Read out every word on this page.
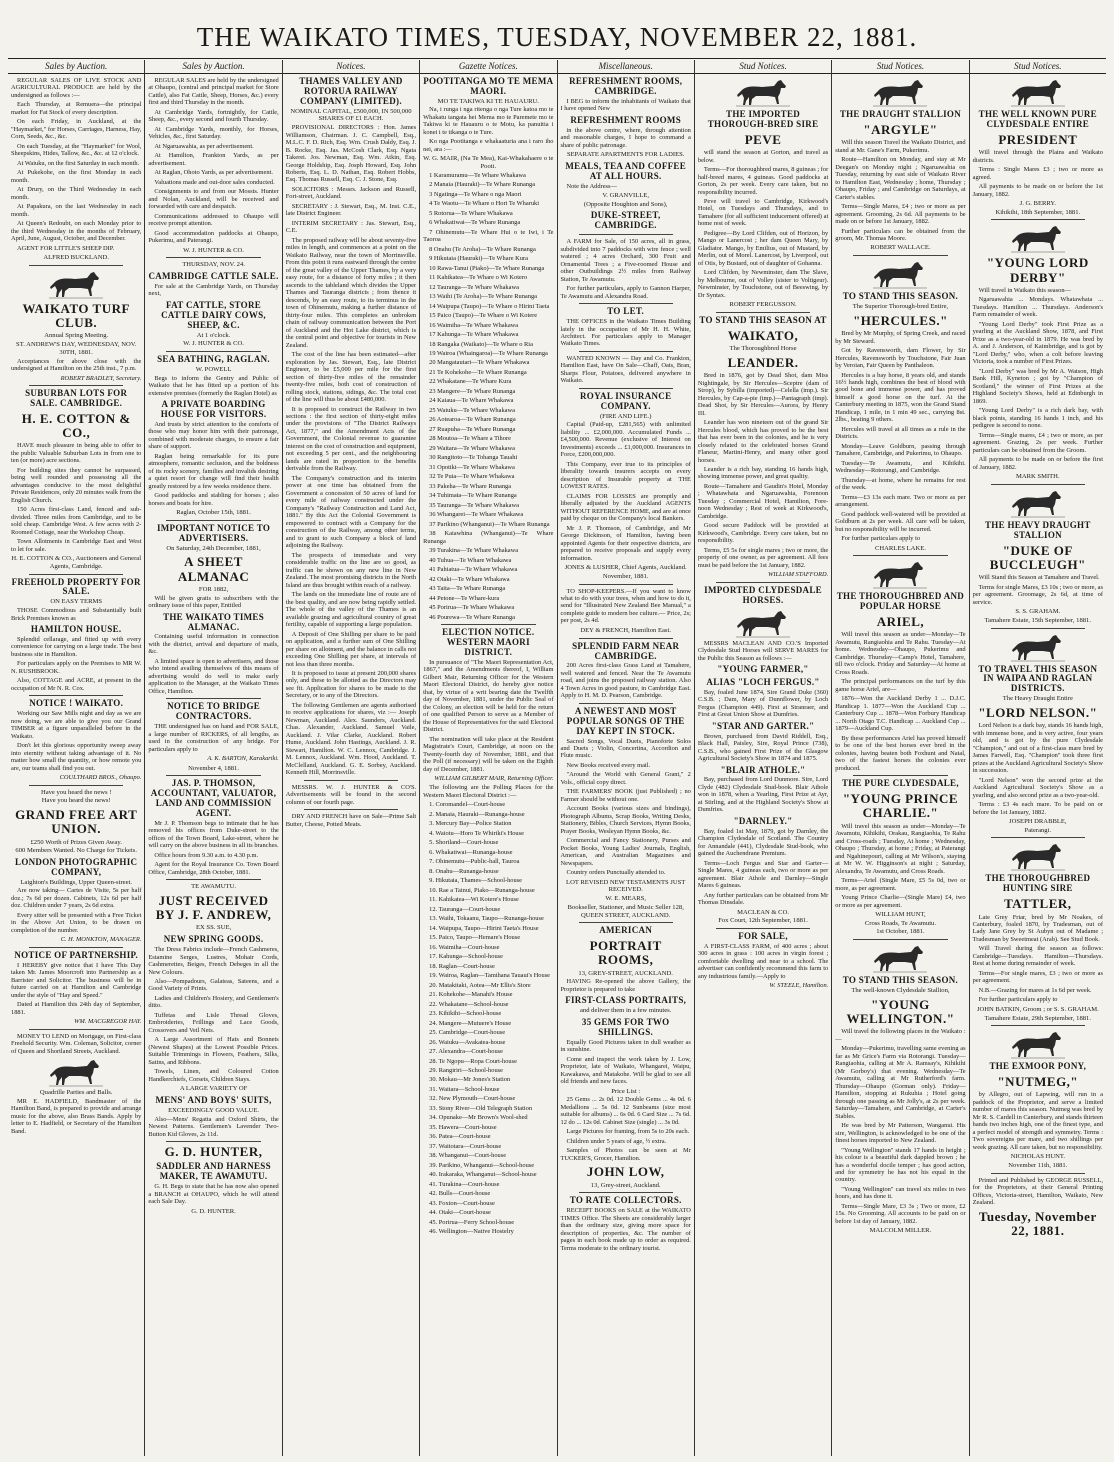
THE WAIKATO TIMES, TUESDAY, NOVEMBER 22, 1881.
Sales by Auction.
REGULAR SALES OF LIVE STOCK AND AGRICULTURAL PRODUCE are held by the undersigned as follows :—
Each Thursday, at Remuera—the principal market for Fat Stock of every description.
On each Friday, in Auckland, at the "Haymarket," for Horses, Carriages, Harness, Hay, Corn, Seeds, &c., &c.
On each Tuesday, at the "Haymarket" for Wool, Sheepskins, Hides, Tallow, &c., &c. at 12 o'clock.
At Waiuku, on the first Saturday in each month.
At Pukekohe, on the first Monday in each month.
At Drury, on the Third Wednesday in each month.
At Papakura, on the last Wednesday in each month.
At Queen's Redoubt, on each Monday prior to the third Wednesday in the months of February, April, June, August, October, and December.
AGENT FOR LITTLE'S SHEEP DIP.
ALFRED BUCKLAND.
WAIKATO TURF CLUB.
Annual Spring Meeting.
ST. ANDREW'S DAY, WEDNESDAY, NOV. 30TH, 1881.
Acceptances for above close with the undersigned at Hamilton on the 25th inst., 7 p.m.
ROBERT BRADLEY, Secretary.
SUBURBAN LOTS FOR SALE. CAMBRIDGE.
H. E. COTTON & CO.,
HAVE much pleasure in being able to offer to the public Valuable Suburban Lots in from one to ten (or more) acre sections.
For building sites they cannot be surpassed, being well rounded and possessing all the advantages conducive to the most delightful Private Residences, only 20 minutes walk from the English Church.
150 Acres first-class Land, fenced and sub-divided. Three miles from Cambridge, and to be sold cheap. Cambridge West. A few acres with 2-Roomed Cottage, near the Workshop Cheap.
Town Allotments in Cambridge East and West to let for sale.
H. E. COTTON & CO., Auctioneers and General Agents, Cambridge.
FREEHOLD PROPERTY FOR SALE.
ON EASY TERMS
THOSE Commodious and Substantially built Brick Premises known as
HAMILTON HOUSE.
Splendid cellarage, and fitted up with every convenience for carrying on a large trade. The best business site in Hamilton.
For particulars apply on the Premises to MR W. N. RUSHBROOK.
Also, COTTAGE and ACRE, at present in the occupation of Mr N. R. Cox.
NOTICE ! WAIKATO.
Working our Saw Mills night and day as we are now doing, we are able to give you our Grand TIMBER at a figure unparalleled before in the Waikato.
Don't let this glorious opportunity sweep away into eternity without taking advantage of it. No matter how small the quantity, or how remote you are, our teams shall find you out.
COULTHARD BROS., Ohaupo.
Have you heard the news !
Have you heard the news!
GRAND FREE ART UNION.
£250 Worth of Prizes Given Away.
600 Members Wanted. No Charge for Tickets.
LONDON PHOTOGRAPHIC COMPANY,
Laighton's Buildings, Upper Queen-street.
Are now taking— Cartes de Visite, 5s per half doz.; 7s 6d per dozen. Cabinets, 12s 6d per half doz. Children under 7 years, 2s 6d extra.
Every sitter will be presented with a Free Ticket in the Above Art Union, to be drawn on completion of the number.
C. H. MONKTON, MANAGER.
NOTICE OF PARTNERSHIP.
I HEREBY give notice that I have This Day taken Mr. James Moorcroft into Partnership as a Barrister and Solicitor. The business will be in future carried on at Hamilton and Cambridge under the style of "Hay and Speed."
Dated at Hamilton this 24th day of September, 1881.
WM. MACGREGOR HAY.
MONEY TO LEND on Mortgage, on First-class Freehold Security. Wm. Coleman, Solicitor, corner of Queen and Shortland Streets, Auckland.
Quadrille Parties and Balls.
MR E. HADFIELD, Bandmaster of the Hamilton Band, is prepared to provide and arrange music for the above, also Brass Bands. Apply by letter to E. Hadfield, or Secretary of the Hamilton Band.
Sales by Auction.
REGULAR SALES are held by the undersigned at Ohaupo, (central and principal market for Store Cattle), also Fat Cattle, Sheep, Horses, &c.) every first and third Thursday in the month.
At Cambridge Yards, fortnightly, for Cattle, Sheep, &c., every second and fourth Thursday.
At Cambridge Yards, monthly, for Horses, Vehicles, &c., first Saturday.
At Ngaruawahia, as per advertisement.
At Hamilton, Frankton Yards, as per advertisement.
At Raglan, Ohoto Yards, as per advertisement.
Valuations made and out-door sales conducted.
Consignments to and from our Mossts. Hunter and Nolan, Auckland, will be received and forwarded with care and despatch.
Communications addressed to Ohaupo will receive prompt attention.
Good accommodation paddocks at Ohaupo, Pukerimu, and Paterangi.
W. J. HUNTER & CO.
THURSDAY, NOV. 24.
CAMBRIDGE CATTLE SALE.
For sale at the Cambridge Yards, on Thursday next,
FAT CATTLE, STORE CATTLE DAIRY COWS, SHEEP, &C.
At 1 o'clock.
W. J. HUNTER & CO.
SEA BATHING, RAGLAN.
W. POWELL
Begs to inform the Gentry and Public of Waikato that he has fitted up a portion of his extensive premises (formerly the Raglan Hotel) as
A PRIVATE BOARDING HOUSE FOR VISITORS.
And trusts by strict attention to the comforts of those who may honor him with their patronage, combined with moderate charges, to ensure a fair share of support.
Raglan being remarkable for its pure atmosphere, romantic seclusion, and the boldness of its rocky scenery, families and invalids desiring a quiet resort for change will find their health greatly restored by a few weeks residence there.
Good paddocks and stabling for horses ; also horses and boats for hire.
Raglan, October 15th, 1881.
IMPORTANT NOTICE TO ADVERTISERS.
On Saturday, 24th December, 1881,
A SHEET ALMANAC
FOR 1882,
Will be given gratis to subscribers with the ordinary issue of this paper, Entitled
THE WAIKATO TIMES ALMANAC.
Containing useful information in connection with the district, arrival and departure of mails, &c.
A limited space is open to advertisers, and those who intend availing themselves of this means of advertising would do well to make early application to the Manager, at the Waikato Times Office, Hamilton.
NOTICE TO BRIDGE CONTRACTORS.
THE undersigned has on hand and FOR SALE, a large number of RICKERS, of all lengths, as used in the construction of any bridge. For particulars apply to
A. K. BARTON, Karakariki.
November 4, 1881.
JAS. P. THOMSON, ACCOUNTANT, VALUATOR, LAND AND COMMISSION AGENT.
Mr J. P. Thomson begs to intimate that he has removed his offices from Duke-street to the offices of the Town Board, Lake-street, where he will carry on the above business in all its branches.
Office hours from 9.30 a.m. to 4.30 p.m.
Agent for the Royal Insurance Co. Town Board Office, Cambridge, 28th October, 1881.
TE AWAMUTU.
JUST RECEIVED BY J. F. ANDREW,
EX SS. SUE,
NEW SPRING GOODS.
The Dress Fabrics include—French Cashmeres, Estamine Serges, Lustres, Mohair Cords, Cashmerettes, Beiges, French Debeges in all the New Colours.
Also—Pompadours, Galateas, Sateens, and a Good Variety of Prints.
Ladies and Children's Hosiery, and Gentlemen's ditto.
Tuffetas and Lisle Thread Gloves, Embroideries, Frillings and Lace Goods, Crossovers and Veil Nets.
A Large Assortment of Hats and Bonnets (Newest Shapes) at the Lowest Possible Prices. Suitable Trimmings in Flowers, Feathers, Silks, Satins, and Ribbons.
Towels, Linen, and Coloured Cotton Handkerchiefs, Corsets, Children Stays.
A LARGE VARIETY OF
MENS' AND BOYS' SUITS,
EXCEEDINGLY GOOD VALUE.
Also—Mens' Regatta and Oxford Shirts, the Newest Patterns. Gentlemen's Lavender Two-Button Kid Gloves, 2s 11d.
G. D. HUNTER,
SADDLER AND HARNESS MAKER, TE AWAMUTU.
G. H. Begs to state that he has now also opened a BRANCH at OHAUPO, which he will attend each Sale Day.
G. D. HUNTER.
Notices.
THAMES VALLEY AND ROTORUA RAILWAY COMPANY (LIMITED).
NOMINAL CAPITAL, £500,000, IN 500,000 SHARES OF £1 EACH.
PROVISIONAL DIRECTORS : Hon. James Williamson, Chairman. J. C. Campbell, Esq., M.L.C. F. D. Rich, Esq. Wm. Crush Daldy, Esq. J. B. Rocke, Esq. Jas. McCosh Clark, Esq. Ngata Takerei. Jos. Newman, Esq. Wm. Atkin, Esq. George Holdship, Esq. Josph Howard, Esq. John Roberts, Esq. L. D. Nathan, Esq. Robert Hobbs, Esq. Thomas Russell, Esq. C. J. Stone, Esq.
SOLICITORS : Messrs. Jackson and Russell, Fort-street, Auckland.
SECRETARY : J. Stewart, Esq., M. Inst. C.E., late District Engineer.
INTERIM SECRETARY : Jas. Stewart, Esq., C.E.
The proposed railway will be about seventy-five miles in length, and commences at a point on the Waikato Railway, near the town of Morrinsville. From this point it runs eastward through the centre of the great valley of the Upper Thames, by a very easy route, for a distance of forty miles ; it then ascends to the tableland which divides the Upper Thames and Tauranga districts ; from thence it descends, by an easy route, to its terminus in the town of Ohinemutu, making a further distance of thirty-four miles. This completes an unbroken chain of railway communication between the Port of Auckland and the Hot Lake district, which is the central point and objective for tourists in New Zealand.
The cost of the line has been estimated—after exploration by Jas. Stewart, Esq., late District Engineer, to be £5,000 per mile for the first section of thirty-five miles of the remainder twenty-five miles, both cost of construction of rolling stock, stations, sidings, &c. The total cost of the line will thus be about £480,000.
It is proposed to construct the Railway in two sections : the first section of thirty-eight miles under the provisions of "The District Railways Act, 1877," and the Amendment Acts of the Government, the Colonial revenue to guarantee interest on the cost of construction and equipment, not exceeding 5 per cent., and the neighbouring lands are rated in proportion to the benefits derivable from the Railway.
The Company's construction and its interim power at one time has obtained from the Government a concession of 50 acres of land for every mile of railway constructed under the Company's "Railway Construction and Land Act, 1881." By this Act the Colonial Government is empowered to contract with a Company for the construction of the Railway, among other terms, and to grant to such Company a block of land adjoining the Railway.
The prospects of immediate and very considerable traffic on the line are so good, as traffic can be shown on any new line in New Zealand. The most promising districts in the North Island are thus brought within reach of a railway.
The lands on the immediate line of route are of the best quality, and are now being rapidly settled. The whole of the valley of the Thames is an available grazing and agricultural country of great fertility, capable of supporting a large population.
A Deposit of One Shilling per share to be paid on application, and a further sum of One Shilling per share on allotment, and the balance in calls not exceeding One Shilling per share, at intervals of not less than three months.
It is proposed to issue at present 200,000 shares only, and these to be allotted as the Directors may see fit. Application for shares to be made to the Secretary, or to any of the Directors.
The following Gentlemen are agents authorised to receive applications for shares, viz :— Joseph Newman, Auckland. Alex. Saunders, Auckland. Chas. Alexander, Auckland. Samuel Vaile, Auckland. J. Vilar Clarke, Auckland. Robert Hume, Auckland. John Hastings, Auckland. J. R. Stewart, Hamilton. W. C. Lennox, Cambridge. J. M. Lennox, Auckland. Wm. Hood, Auckland. T. McClelland, Auckland. G. E. Sorbey, Auckland. Kenneth Hill, Morrinsville.
MESSRS. W. J. HUNTER & CO'S. Advertisements will be found in the second column of our fourth page.
DRY AND FRENCH have on Sale—Prime Salt Butter, Cheese, Potted Meats.
Gazette Notices.
POOTITANGA MO TE MEMA MAORI.
MO TE TAKIWA KI TE HAUAURU.
Na, i runga i nga ritenga o nga Ture katoa mo te Whakatu tangata hei Mema mo te Paremete mo te Takiwa ki te Hauauru o te Motu, ka panuitia i konei i te tikanga o te Ture.
Ko nga Pootitanga e whakaaturia ana i raro iho nei, ara :—
W. G. MAIR, (Na Te Mea), Kai-Whakahaere o te Pooti.
1 Karamuramu—Te Whare Whakawa
2 Manaia (Hauraki)—Te Whare Runanga
3 Ngatinga—Te Whare o nga Maori
4 Te Waotu—Te Whare o Hori Te Wharuki
5 Rotorua—Te Whare Whakawa
6 Whakatiwai—Te Whare Runanga
7 Ohinemutu—Te Whare Hui o te Iwi, i Te Taoroa
8 Onahu (Te Aroha)—Te Whare Runanga
9 Hikutaia (Hauraki)—Te Whare Kura
10 Rawa-Tanui (Piako)—Te Whare Runanga
11 Kahikatea—Te Whare o Wi Kotero
12 Tauranga—Te Whare Whakawa
13 Waihi (Te Aroha)—Te Whare Runanga
14 Waipupa (Taupo)—Te Whare o Hirini Taeta
15 Paico (Taupo)—Te Whare o Wi Kotere
16 Waimiha—Te Whare Whakawa
17 Kahunga—Te Whare Whakawa
18 Rangaka (Waikato)—Te Whare o Ria
19 Wairoa (Whaingaroa)—Te Whare Runanga
20 Mangatautari—Te Whare Whakawa
21 Te Kohekohe—Te Whare Runanga
22 Whakatane—Te Whare Kura
23 Mangere—Te Whare Runanga
24 Kaiaua—Te Whare Whakawa
25 Waiuku—Te Whare Whakawa
26 Aotearoa—Te Whare Runanga
27 Ruapuha—Te Whare Runanga
28 Moutoa—Te Whare a Tihore
29 Waitara—Te Whare Whakawa
30 Rangitoto—Te Tohanga Tauahi
31 Opotiki—Te Whare Whakawa
32 Te Puia—Te Whare Whakawa
33 Pakeha—Te Whare Runanga
34 Tuhimata—Te Whare Runanga
35 Tauranga—Te Whare Whakawa
36 Whangarei—Te Whare Whakawa
37 Parikino (Whanganui)—Te Whare Runanga
38 Kaiawhina (Whanganui)—Te Whare Runanga
39 Turakina—Te Whare Whakawa
40 Tuhua—Te Whare Whakawa
41 Pahiatua—Te Whare Whakawa
42 Otaki—Te Whare Whakawa
43 Taita—Te Whare Runanga
44 Petone—Te Whare-kura
45 Porirua—Te Whare Whakawa
46 Pourewa—Te Whare Runanga
ELECTION NOTICE. WESTERN MAORI DISTRICT.
In pursuance of "The Maori Representation Act, 1867," and the Amendments thereof, I, William Gilbert Mair, Returning Officer for the Western Maori Electoral District, do hereby give notice that, by virtue of a writ bearing date the Twelfth day of November, 1881, under the Public Seal of the Colony, an election will be held for the return of one qualified Person to serve as a Member of the House of Representatives for the said Electoral District.
The nomination will take place at the Resident Magistrate's Court, Cambridge, at noon on the Twenty-fourth day of November, 1881, and that the Poll (if necessary) will be taken on the Eighth day of December, 1881.
WILLIAM GILBERT MAIR, Returning Officer.
The following are the Polling Places for the Western Maori Electoral District :—
1. Coromandel—Court-house
2. Manaia, Hauraki—Runanga-house
3. Mercury Bay—Police Station
4. Waiotu—Horo Te Whiriki's House
5. Shortland—Court-house
6. Whakatiwai—Runanga-house
7. Ohinemutu—Public-hall, Tauroa
8. Onahu—Runanga-house
9. Hikutaia, Thames—School-house
10. Rae a Tainui, Piako—Runanga-house
11. Kahikatea—Wi Kotere's House
12. Tauranga—Court-house
13. Waihi, Tokaanu, Taupo—Runanga-house
14. Waipupa, Taupo—Hirini Taeta's House
15. Paico, Taupo—Hemare's House
16. Waimiha—Court-house
17. Kahunga—School-house
18. Raglan—Court-house
19. Wairoa, Raglan—Tamihana Tauaui's House
20. Matakitaki, Aotea—Mr Ellis's Store
21. Kohekohe—Manahi's House
22. Whakatane—School-house
23. Kihikihi—School-house
24. Mangere—Mutuere's House
25. Cambridge—Court-house
26. Waiuku—Avakatea-house
27. Alexandra—Court-house
28. Te Ngopu—Ropa Court-house
29. Rangiriri—School-house
30. Mokau—Mr Jones's Station
31. Waitara—School-house
32. New Plymouth—Court-house
33. Stony River—Old Telegraph Station
34. Opunake—Mr Brown's Wool-shed
35. Hawera—Court-house
36. Patea—Court-house
37. Waitotara—Court-house
38. Whanganui—Court-house
39. Parikino, Whanganui—School-house
40. Irakaraka, Whanganui—School-house
41. Turakina—Court-house
42. Bulls—Court-house
43. Foxton—Court-house
44. Otaki—Court-house
45. Porirua—Ferry School-house
46. Wellington—Native Hostelry
Miscellaneous.
REFRESHMENT ROOMS, CAMBRIDGE.
I BEG to inform the inhabitants of Waikato that I have opened New
REFRESHMENT ROOMS
in the above centre, where, through attention and reasonable charges, I hope to command a share of public patronage.
SEPARATE APARTMENTS FOR LADIES.
MEALS, TEA AND COFFEE AT ALL HOURS.
Note the Address—
V. GRANVILLE,
(Opposite Houghton and Sons),
DUKE-STREET, CAMBRIDGE.
A FARM for Sale, of 150 acres, all in grass, subdivided into 7 paddocks with wire fence ; well watered ; 4 acres Orchard, 300 Fruit and Ornamental Trees ; a Five-roomed House and other Outbuildings 2½ miles from Railway Station, Te Awamutu.
For further particulars, apply to Gannon Harper, Te Awamutu and Alexandra Road.
TO LET.
THE OFFICES in the Waikato Times Building lately in the occupation of Mr H. H. White, Architect. For particulars apply to Manager Waikato Times.
WANTED KNOWN — Day and Co. Frankton, Hamilton East, have On Sale—Chaff, Oats, Bran, Sharps Flour, Potatoes, delivered anywhere in Waikato.
ROYAL INSURANCE COMPANY.
(FIRE AND LIFE.)
Capital (Paid-up, £281,565) with unlimited liability ... £2,000,000. Accumulated Funds ... £4,500,000. Revenue (exclusive of Interest on Investments) exceeds ... £1,000,000. Insurances in Force, £200,000,000.
This Company, ever true to its principles of liberality towards insurers accepts on every description of Insurable property at THE LOWEST RATES.
CLAIMS FOR LOSSES are promptly and liberally adjusted by the Auckland AGENTS WITHOUT REFERENCE HOME, and are at once paid by cheque on the Company's local Bankers.
Mr J. P. Thomson, of Cambridge, and Mr George Dickinson, of Hamilton, having been appointed Agents for their respective districts, are prepared to receive proposals and supply every information.
JONES & LUSHER, Chief Agents, Auckland.
November, 1881.
TO SHOP-KEEPERS.—If you want to know what to do with your trees, when and how to do it, send for "Illustrated New Zealand Bee Manual," a complete guide to modern bee culture.— Price, 2s; per post, 2s 4d.
DEY & FRENCH, Hamilton East.
SPLENDID FARM NEAR CAMBRIDGE.
200 Acres first-class Grass Land at Tamahere, well watered and fenced. Near the Te Awamutu road, and joins the proposed railway station. Also 4 Town Acres in good pasture, in Cambridge East. Apply to H. M. D. Pearson, Cambridge.
A NEWEST AND MOST POPULAR SONGS OF THE DAY KEPT IN STOCK.
Sacred Songs, Vocal Duets, Pianoforte Solos and Duets ; Violin, Concertina, Accordion and Flute music.
New Books received every mail.
"Around the World with General Grant," 2 Vols., official copy direct.
THE FARMERS' BOOK (just Published) ; no Farmer should be without one.
Account Books (various sizes and bindings), Photograph Albums, Scrap Books, Writing Desks, Stationery, Bibles, Church Services, Hymn Books, Prayer Books, Wesleyan Hymn Books, &c.
Commercial and Fancy Stationery, Purses and Pocket Books, Young Ladies' Journals, English, American, and Australian Magazines and Newspapers.
Country orders Punctually attended to.
LOT REVISED NEW TESTAMENTS JUST RECEIVED.
W. E. MEARS,
Bookseller, Stationer, and Music Seller 128, QUEEN STREET, AUCKLAND.
AMERICAN
PORTRAIT ROOMS,
13, GREY-STREET, AUCKLAND.
HAVING Re-opened the above Gallery, the Proprietor is prepared to take
FIRST-CLASS PORTRAITS,
and deliver them in a few minutes.
35 GEMS FOR TWO SHILLINGS.
Equally Good Pictures taken in dull weather as in sunshine.
Come and inspect the work taken by J. Low, Proprietor, late of Waikato, Whangarei, Waipu, Kawakawa, and Matakohe. Will be glad to see all old friends and new faces.
Price List :
25 Gems ... 2s 0d. 12 Double Gems ... 4s 0d. 6 Medallions ... 5s 0d. 12 Sunbeams (size most suitable for albums) ... 6s 0d. 6 Card Size ... 7s 6d. 12 do ... 12s 0d. Cabinet Size (single) ... 3s 0d.
Large Pictures for framing, from 5s to 20s each.
Children under 5 years of age, ½ extra.
Samples of Photos can be seen at Mr TUCKER'S, Grocer, Hamilton.
JOHN LOW,
13, Grey-street, Auckland.
TO RATE COLLECTORS.
RECEIPT BOOKS on SALE at the WAIKATO TIMES Office. The Sheets are considerably larger than the ordinary size, giving more space for description of properties, &c. The number of pages in each book made up to order as required. Terms moderate to the ordinary tourist.
Stud Notices.
THE IMPORTED THOROUGH-BRED SIRE
PEVE
will stand the season at Gorton, and travel as below.
Terms—For thoroughbred mares, 8 guineas ; for half-breed mares, 4 guineas. Good paddocks at Gorton, 2s per week. Every care taken, but no responsibility incurred.
Peve will travel to Cambridge, Kirkwood's Hotel, on Tuesdays and Thursdays, and to Tamahere (for all sufficient inducement offered) at home rest of week.
Pedigree—By Lord Clifden, out of Horizon, by Mango or Lanercost ; her dam Queen Mary, by Gladiator. Mango, by Emilius, out of Mustard, by Merlin, out of Morel. Lanercost, by Liverpool, out of Otis, by Bustard, out of daughter of Gohanna.
Lord Clifden, by Newminster, dam The Slave, by Melbourne, out of Volley (sister to Voltigeur). Newminster, by Touchstone, out of Beeswing, by Dr Syntax.
ROBERT FERGUSSON.
TO STAND THIS SEASON AT
WAIKATO,
The Thoroughbred Horse
LEANDER.
Bred in 1876, got by Dead Shot, dam Miss Nightingale, by Sir Hercules—Sceptre (dam of Strop), by Sybilla (imported)—Celella (imp.). Sir Hercules, by Cap-a-pie (imp.)—Pantagraph (imp). Dead Shot, by Sir Hercules—Aurora, by Henry III.
Leander has won nineteen out of the grand Sir Hercules blood, which has proved to be the best that has ever been in the colonies, and he is very closely related to the celebrated horses Grand Flaneur, Martini-Henry, and many other good horses.
Leander is a rich bay, standing 16 hands high, showing immense power, and great quality.
Route—Tamahere and Gaudin's Hotel, Monday ; Whatawhata and Ngaruawahia, Forenoon Tuesday ; Commercial Hotel, Hamilton, Fore-noon Wednesday ; Rest of week at Kirkwood's, Cambridge.
Good secure Paddock will be provided at Kirkwood's, Cambridge. Every care taken, but no responsibility.
Terms, £5 5s for single mares ; two or more, the property of one owner, as per agreement. All fees must be paid before the 1st January, 1882.
WILLIAM STAFFORD.
IMPORTED CLYDESDALE HORSES.
MESSRS MACLEAN AND CO.'S Imported Clydesdale Stud Horses will SERVE MARES for the Public this Season as follows :—
"YOUNG FARMER,"
ALIAS "LOCH FERGUS."
Bay, foaled June 1874, Sire Grand Duke (360) C.S.B. ; Dam, Mary of Dunnflower, by Loch Fergus (Champion 449). First at Stranraer, and First at Great Union Show at Dumfries.
"STAR AND GARTER."
Brown, purchased from David Riddell, Esq., Black Hall, Paisley, Sire, Royal Prince (738), C.S.B., who gained First Prize of the Glasgow Agricultural Society's Show in 1874 and 1875.
"BLAIR ATHOLE."
Bay, purchased from Lord Dunmore. Sire, Lord Clyde (482) Clydesdale Stud-book. Blair Athole won in 1878, when a Yearling, First Prize at Ayr, at Stirling, and at the Highland Society's Show at Dumfries.
"DARNLEY."
Bay, foaled 1st May, 1879, got by Darnley, the Champion Clydesdale of Scotland. The Country for Annandale (441), Clydesdale Stud-book, who gained the Auchendrane Premium.
Terms—Loch Fergus and Star and Garter—Single Mares, 4 guineas each, two or more as per agreement. Blair Athole and Darnley—Single Mares 6 guineas.
Any further particulars can be obtained from Mr Thomas Dinsdale.
MACLEAN & CO.
Fox Court, 12th September, 1881.
FOR SALE,
A FIRST-CLASS FARM, of 400 acres ; about 300 acres in grass : 100 acres in virgin forest ; comfortable dwelling and near to a school. The advertiser can confidently recommend this farm to any industrious family.—Apply to
W. STEELE, Hamilton.
Stud Notices.
THE DRAUGHT STALLION
"ARGYLE"
Will this season Travel the Waikato District, and stand at Mr. Gane's Farm, Pukerimu.
Route—Hamilton on Monday, and stay at Mr Deegan's on Monday night ; Ngaruawahia on Tuesday, returning by east side of Waikato River to Hamilton East, Wednesday ; home, Thursday ; Ohaupo, Friday ; and Cambridge on Saturdays, at Carter's stables.
Terms—Single Mares, £4 ; two or more as per agreement. Grooming, 2s 6d. All payments to be made on or before 1st January, 1882.
Further particulars can be obtained from the groom, Mr. Thomas Moore.
ROBERT WALLACE.
TO STAND THIS SEASON.
The Superior Thorough-bred Entire,
"HERCULES."
Bred by Mr Murphy, of Spring Creek, and raced by Mr Steward.
Got by Ravensworth, dam Flower, by Sir Hercules, Ravensworth by Touchstone, Fair Juan by Veroian, Fair Queen by Panthaleon.
Hercules is a bay horse, 8 years old, and stands 16½ hands high, combines the best of blood with good bone and immense power, and has proved himself a good horse on the turf. At the Canterbury meeting in 1875, won the Grand Stand Handicap, 1 mile, in 1 min 49 sec., carrying 8st. 2lbs., beating 9 others.
Hercules will travel at all times as a rule in the Districts.
Monday—Leave Goldburn, passing through Tamahere, Cambridge, and Pukerimu, to Ohaupo.
Tuesday—Te Awamutu, and Kihikihi. Wednesday—Rotorangi, and Cambridge.
Thursday—at home, where he remains for rest of the week.
Terms—£3 13s each mare. Two or more as per arrangement.
Good paddock well-watered will be provided at Goldburn at 2s per week. All care will be taken, but no responsibility will be incurred.
For further particulars apply to
CHARLES LAKE.
THE THOROUGHBRED AND POPULAR HORSE
ARIEL,
Will travel this season as under—Monday—Te Awamutu, Rangiaohia and Te Rahu. Tuesday—At home. Wednesday—Ohaupo, Pukerimu and Cambridge. Thursday—Camp's Hotel, Tamahere, till two o'clock. Friday and Saturday—At home at Cross Roads.
The principal performances on the turf by this game horse Ariel, are—
1876—Won the Auckland Derby 1 ... D.J.C. Handicap 1. 1877—Won the Auckland Cup ... Canterbury Cup ... 1878—Won Forbury Handicap ... North Otago T.C. Handicap ... Auckland Cup ... 1879—Auckland Cup.
By these performances Ariel has proved himself to be one of the best horses ever bred in the colonies, having beaten both Foxhunt and Natal, two of the fastest horses the colonies ever produced.
THE PURE CLYDESDALE,
"YOUNG PRINCE CHARLIE."
Will travel this season as under—Monday—Te Awamutu, Kihikihi, Orakau, Rangiaohia, Te Rahu and Cross-roads ; Tuesday, At home ; Wednesday, Ohaupo ; Thursday, at home ; Friday, at Paterangi and Ngahinepouri, calling at Mr Wilson's, staying at Mr W. W. Higginson's at night ; Saturday, Alexandra, Te Awamutu, and Cross Roads.
Terms—Ariel (Single Mare, £5 5s 0d, two or more, as per agreement.
Young Prince Charlie—(Single Mare) £4, two or more as per agreement.
WILLIAM HUNT,
Cross Roads, Te Awamutu.
1st October, 1881.
TO STAND THIS SEASON.
The well-known Clydesdale Stallion,
"YOUNG WELLINGTON."
Will travel the following places in the Waikato :—
Monday—Pukerimu, travelling same evening as far as Mr Grice's Farm via Rotorangi. Tuesday—Rangiaohia, calling at Mr A. Ramsay's, Kihikihi (Mr Gorboy's) that evening. Wednesday—Te Awamutu, calling at Mr Rutherford's farm. Thursday—Ohaupo (Gorman only). Friday—Hamilton, stopping at Rukuhia ; Hotel going through one passing as Mr Jolly's, at 2s per week. Saturday—Tamahere, and Cambridge, at Carter's Stables.
He was bred by Mr Patterson, Wanganui. His sire, Wellington, is acknowledged to be one of the finest horses imported to New Zealand.
"Young Wellington" stands 17 hands in height ; his colour is a beautiful dark dappled brown ; he has a wonderful docile temper ; has good action, and for symmetry he has not his equal in the country.
"Young Wellington" can travel six miles in two hours, and has done it.
Terms—Single Mare, £3 3s ; Two or more, £2 15s. No Grooming. All accounts to be paid on or before 1st day of January, 1882.
MALCOLM MILLER.
Stud Notices.
THE WELL KNOWN PURE CLYDESDALE ENTIRE
PRESIDENT
Will travel through the Plains and Waikato districts.
Terms : Single Mares £3 ; two or more as agreed.
All payments to be made on or before the 1st January, 1882.
J. G. BERRY.
Kihikihi, 18th September, 1881.
"YOUNG LORD DERBY"
Will travel in Waikato this season—
Ngaruawahia ... Mondays. Whatawhata ... Tuesdays. Hamilton ... Thursdays. Anderson's Farm remainder of week.
"Young Lord Derby" took First Prize as a yearling at the Auckland Show, 1878, and First Prize as a two-year-old in 1879. He was bred by A. and J. Anderson, of Kaimbridge, and is got by "Lord Derby," who, when a colt before leaving Victoria, took a number of First Prizes.
"Lord Derby" was bred by Mr A. Watson, High Bank Hill, Kyneton ; got by "Champion of Scotland," the winner of First Prizes at the Highland Society's Shows, held at Edinburgh in 1869.
"Young Lord Derby" is a rich dark bay, with black points, standing 16 hands 1 inch, and his pedigree is second to none.
Terms—Single mares, £4 ; two or more, as per agreement. Grazing, 2s per week. Further particulars can be obtained from the Groom.
All payments to be made on or before the first of January, 1882.
MARK SMITH.
THE HEAVY DRAUGHT STALLION
"DUKE OF BUCCLEUGH"
Will Stand this Season at Tamahere and Travel.
Terms for single Mares, £3 10s ; two or more, as per agreement. Groomage, 2s 6d, at time of service.
S. S. GRAHAM.
Tamahere Estate, 15th September, 1881.
TO TRAVEL THIS SEASON IN WAIPA AND RAGLAN DISTRICTS.
The Heavy Draught Entire
"LORD NELSON."
Lord Nelson is a dark bay, stands 16 hands high, with immense bone, and is very active, four years old, and is got by the pure Clydesdale "Champion," and out of a first-class mare bred by James Farwell, Esq. "Champion" took three first prizes at the Auckland Agricultural Society's Show in succession.
"Lord Nelson" won the second prize at the Auckland Agricultural Society's Show as a yearling, and also second prize as a two-year-old.
Terms : £3 4s each mare. To be paid on or before the 1st January, 1882.
JOSEPH DRABBLE,
Paterangi.
THE THOROUGHBRED HUNTING SIRE
TATTLER,
Late Grey Friar, bred by Mr Noakes, of Canterbury, foaled 1870, by Tradesman, out of Lady Jane Grey by St Aubyn out of Madame ; Tradesman by Sweetmeat (Arab). See Stud Book.
Will Travel during the season as follows: Cambridge—Tuesdays. Hamilton—Thursdays. Rest at home during remainder of week.
Terms—For single mares, £3 ; two or more as per agreement.
N.B.—Grazing for mares at 1s 6d per week.
For further particulars apply to
JOHN BATKIN, Groom ; or S. S. GRAHAM.
Tamahere Estate, 29th September, 1881.
THE EXMOOR PONY,
"NUTMEG,"
by Allegro, out of Lapwing, will run in a paddock of the Proprietor, and serve a limited number of mares this season. Nutmeg was bred by Mr R. S. Cardell in Canterbury, and stands thirteen hands two inches high, one of the finest type, and a perfect model of strength and symmetry. Terms : Two sovereigns per mare, and two shillings per week grazing. All care taken, but no responsibility.
NICHOLAS HUNT.
November 11th, 1881.
Printed and Published by GEORGE RUSSELL, for the Proprietors, at their General Printing Offices, Victoria-street, Hamilton, Waikato, New Zealand.
Tuesday, November 22, 1881.
